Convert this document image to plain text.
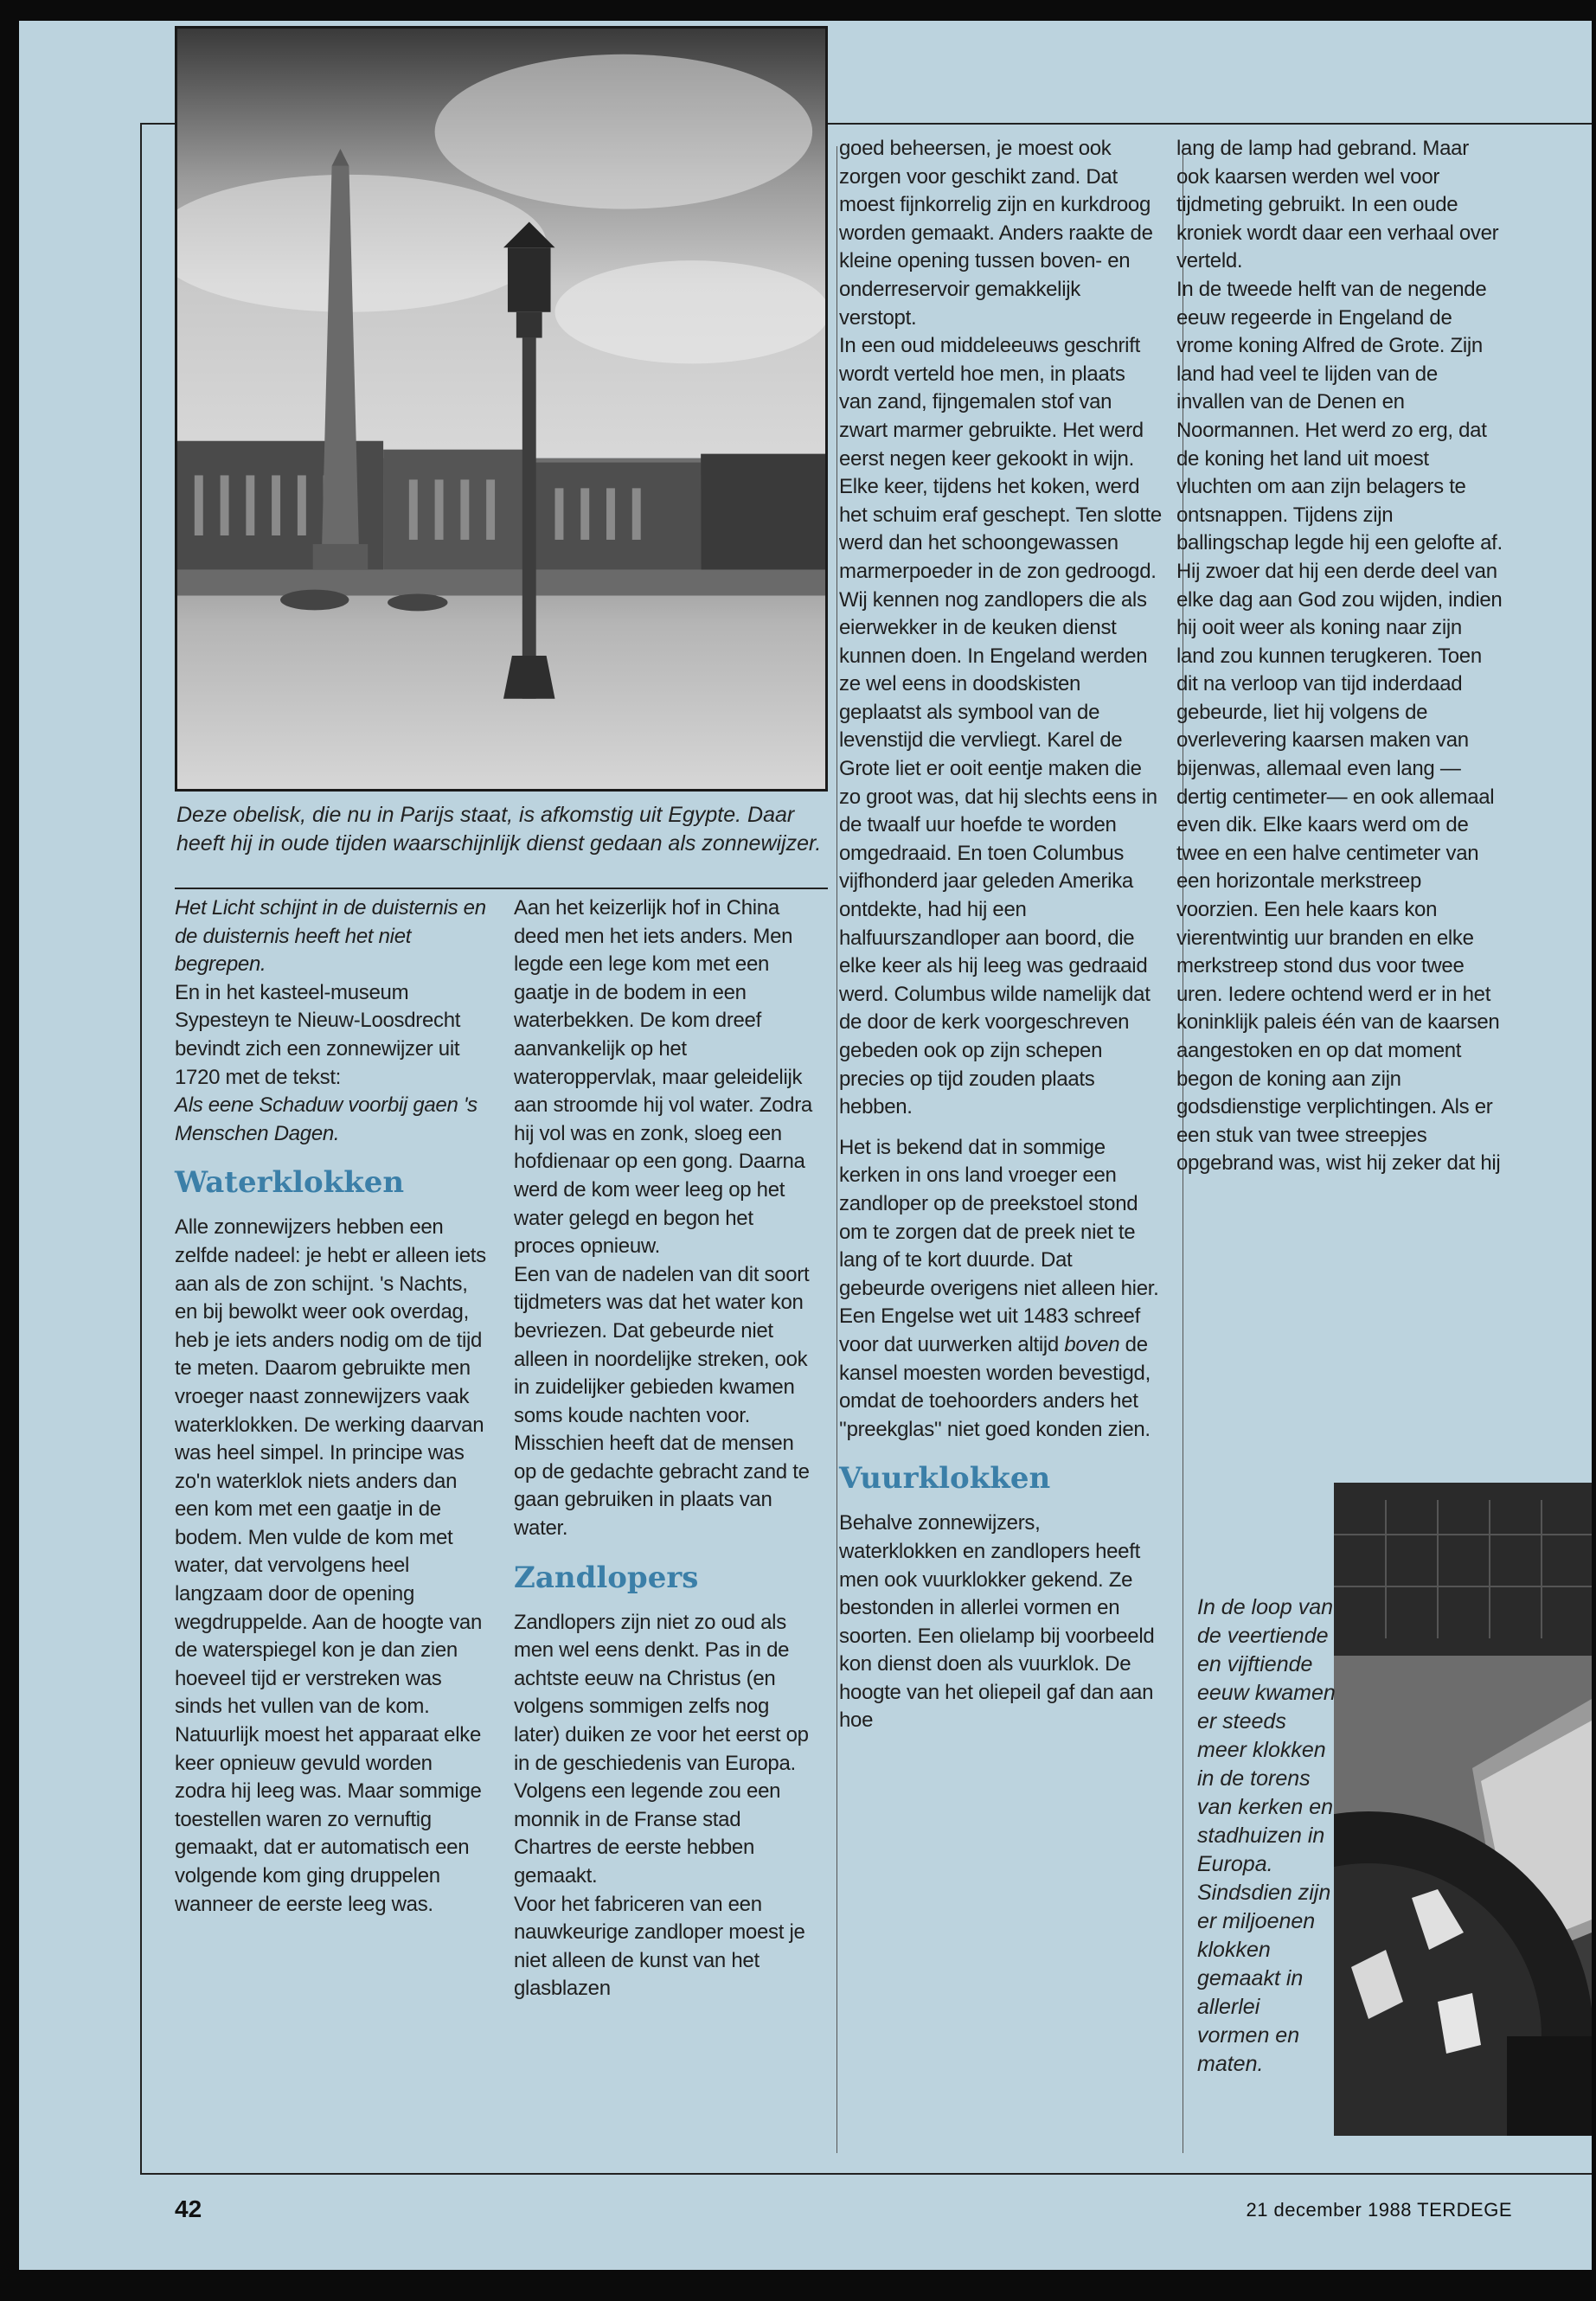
Deze obelisk, die nu in Parijs staat, is afkomstig uit Egypte. Daar heeft hij in oude tijden waarschijnlijk dienst gedaan als zonnewijzer.

Het Licht schijnt in de duisternis en de duisternis heeft het niet begrepen.

En in het kasteel-museum Sypesteyn te Nieuw-Loosdrecht bevindt zich een zonnewijzer uit 1720 met de tekst:

Als eene Schaduw voorbij gaen 's Menschen Dagen.

Waterklokken

Alle zonnewijzers hebben een zelfde nadeel: je hebt er alleen iets aan als de zon schijnt. 's Nachts, en bij bewolkt weer ook overdag, heb je iets anders nodig om de tijd te meten. Daarom gebruikte men vroeger naast zonnewijzers vaak waterklokken. De werking daarvan was heel simpel. In principe was zo'n waterklok niets anders dan een kom met een gaatje in de bodem. Men vulde de kom met water, dat vervolgens heel langzaam door de opening wegdruppelde. Aan de hoogte van de waterspiegel kon je dan zien hoeveel tijd er verstreken was sinds het vullen van de kom. Natuurlijk moest het apparaat elke keer opnieuw gevuld worden zodra hij leeg was. Maar sommige toestellen waren zo vernuftig gemaakt, dat er automatisch een volgende kom ging druppelen wanneer de eerste leeg was.

Aan het keizerlijk hof in China deed men het iets anders. Men legde een lege kom met een gaatje in de bodem in een waterbekken. De kom dreef aanvankelijk op het wateroppervlak, maar geleidelijk aan stroomde hij vol water. Zodra hij vol was en zonk, sloeg een hofdienaar op een gong. Daarna werd de kom weer leeg op het water gelegd en begon het proces opnieuw.

Een van de nadelen van dit soort tijdmeters was dat het water kon bevriezen. Dat gebeurde niet alleen in noordelijke streken, ook in zuidelijker gebieden kwamen soms koude nachten voor. Misschien heeft dat de mensen op de gedachte gebracht zand te gaan gebruiken in plaats van water.

Zandlopers

Zandlopers zijn niet zo oud als men wel eens denkt. Pas in de achtste eeuw na Christus (en volgens sommigen zelfs nog later) duiken ze voor het eerst op in de geschiedenis van Europa. Volgens een legende zou een monnik in de Franse stad Chartres de eerste hebben gemaakt.

Voor het fabriceren van een nauwkeurige zandloper moest je niet alleen de kunst van het glasblazen

goed beheersen, je moest ook zorgen voor geschikt zand. Dat moest fijnkorrelig zijn en kurkdroog worden gemaakt. Anders raakte de kleine opening tussen boven- en onderreservoir gemakkelijk verstopt.

In een oud middeleeuws geschrift wordt verteld hoe men, in plaats van zand, fijngemalen stof van zwart marmer gebruikte. Het werd eerst negen keer gekookt in wijn. Elke keer, tijdens het koken, werd het schuim eraf geschept. Ten slotte werd dan het schoongewassen marmerpoeder in de zon gedroogd.

Wij kennen nog zandlopers die als eierwekker in de keuken dienst kunnen doen. In Engeland werden ze wel eens in doodskisten geplaatst als symbool van de levenstijd die vervliegt. Karel de Grote liet er ooit eentje maken die zo groot was, dat hij slechts eens in de twaalf uur hoefde te worden omgedraaid. En toen Columbus vijfhonderd jaar geleden Amerika ontdekte, had hij een halfuurszandloper aan boord, die elke keer als hij leeg was gedraaid werd. Columbus wilde namelijk dat de door de kerk voorgeschreven gebeden ook op zijn schepen precies op tijd zouden plaats hebben.

Het is bekend dat in sommige kerken in ons land vroeger een zandloper op de preekstoel stond om te zorgen dat de preek niet te lang of te kort duurde. Dat gebeurde overigens niet alleen hier. Een Engelse wet uit 1483 schreef voor dat uurwerken altijd boven de kansel moesten worden bevestigd, omdat de toehoorders anders het ''preekglas'' niet goed konden zien.

Vuurklokken

Behalve zonnewijzers, waterklokken en zandlopers heeft men ook vuurklokker gekend. Ze bestonden in allerlei vormen en soorten. Een olielamp bij voorbeeld kon dienst doen als vuurklok. De hoogte van het oliepeil gaf dan aan hoe

lang de lamp had gebrand. Maar ook kaarsen werden wel voor tijdmeting gebruikt. In een oude kroniek wordt daar een verhaal over verteld.

In de tweede helft van de negende eeuw regeerde in Engeland de vrome koning Alfred de Grote. Zijn land had veel te lijden van de invallen van de Denen en Noormannen. Het werd zo erg, dat de koning het land uit moest vluchten om aan zijn belagers te ontsnappen. Tijdens zijn ballingschap legde hij een gelofte af. Hij zwoer dat hij een derde deel van elke dag aan God zou wijden, indien hij ooit weer als koning naar zijn land zou kunnen terugkeren. Toen dit na verloop van tijd inderdaad gebeurde, liet hij volgens de overlevering kaarsen maken van bijenwas, allemaal even lang —dertig centimeter— en ook allemaal even dik. Elke kaars werd om de twee en een halve centimeter van een horizontale merkstreep voorzien. Een hele kaars kon vierentwintig uur branden en elke merkstreep stond dus voor twee uren. Iedere ochtend werd er in het koninklijk paleis één van de kaarsen aangestoken en op dat moment begon de koning aan zijn godsdienstige verplichtingen. Als er een stuk van twee streepjes opgebrand was, wist hij zeker dat hij

In de loop van de veertiende en vijftiende eeuw kwamen er steeds meer klokken in de torens van kerken en stadhuizen in Europa. Sindsdien zijn er miljoenen klokken gemaakt in allerlei vormen en maten.

42	21 december 1988 TERDEGE
